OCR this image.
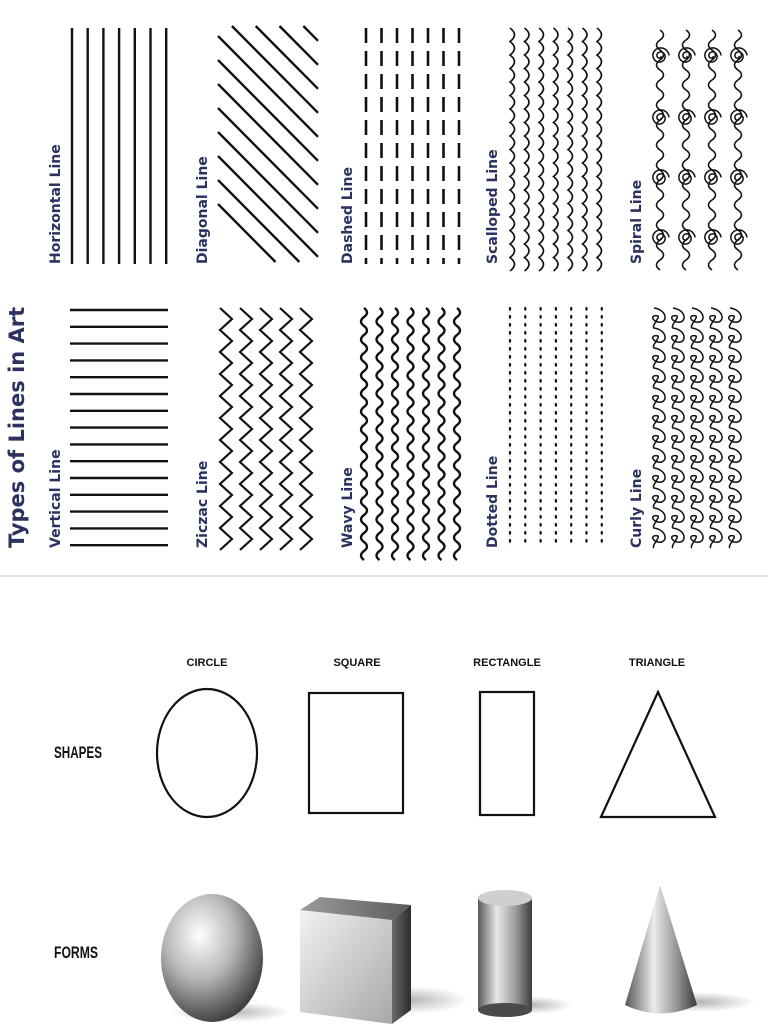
Types of Lines in Art
Horizontal Line	Diagonal Line	Dashed Line	Scalloped Line	Spiral Line
Vertical Line	Ziczac Line	Wavy Line	Dotted Line	Curly Line
SHAPES
FORMS
CIRCLE	SQUARE	RECTANGLE	TRIANGLE
